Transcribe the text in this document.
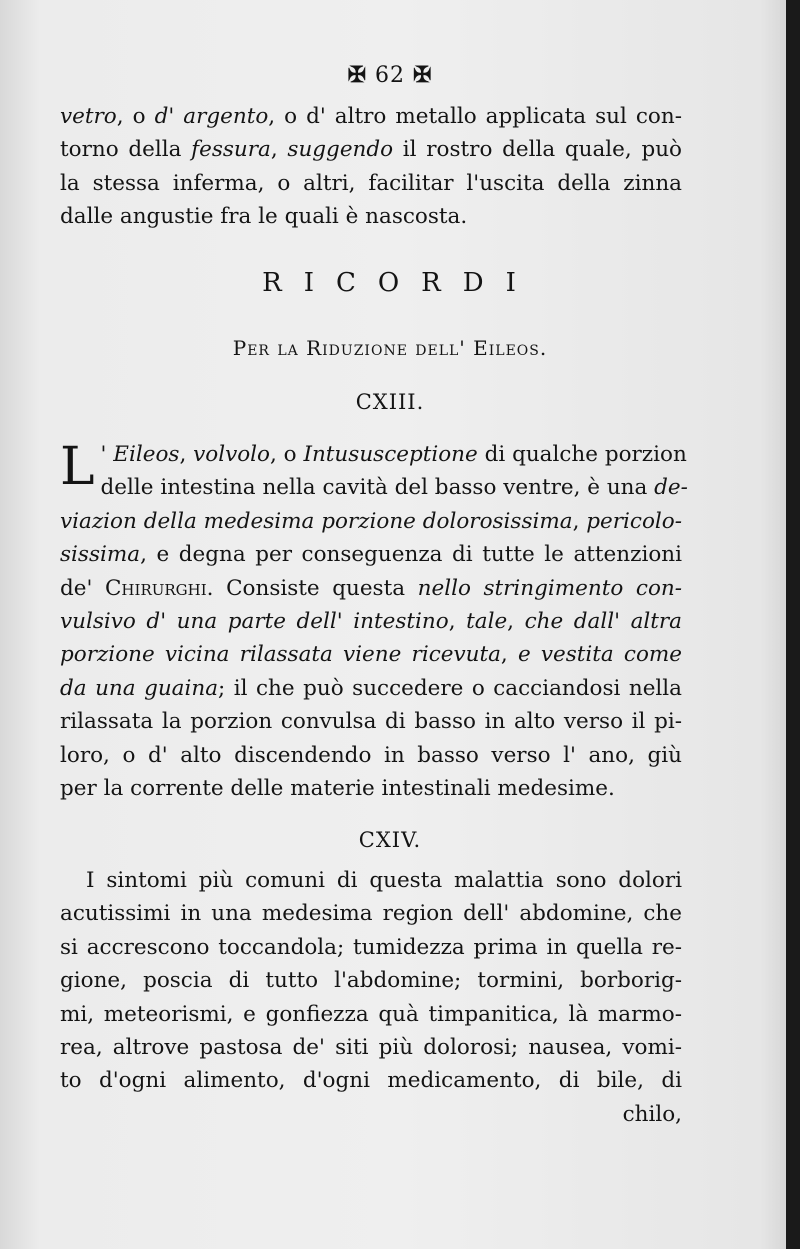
✠ 62 ✠
vetro, o d' argento, o d' altro metallo applicata sul con-
torno della fessura, suggendo il rostro della quale, può
la stessa inferma, o altri, facilitar l'uscita della zinna
dalle angustie fra le quali è nascosta.
RICORDI
Per la Riduzione dell' Eileos.
CXIII.
L ' Eileos, volvolo, o Intususceptione di qualche porzion
delle intestina nella cavità del basso ventre, è una de-
viazion della medesima porzione dolorosissima, pericolo-
sissima, e degna per conseguenza di tutte le attenzioni
de' Chirurghi. Consiste questa nello stringimento con-
vulsivo d' una parte dell' intestino, tale, che dall' altra
porzione vicina rilassata viene ricevuta, e vestita come
da una guaina; il che può succedere o cacciandosi nella
rilassata la porzion convulsa di basso in alto verso il pi-
loro, o d' alto discendendo in basso verso l' ano, giù
per la corrente delle materie intestinali medesime.
CXIV.
I sintomi più comuni di questa malattia sono dolori
acutissimi in una medesima region dell' abdomine, che
si accrescono toccandola; tumidezza prima in quella re-
gione, poscia di tutto l'abdomine; tormini, borborig-
mi, meteorismi, e gonfiezza quà timpanitica, là marmo-
rea, altrove pastosa de' siti più dolorosi; nausea, vomi-
to d'ogni alimento, d'ogni medicamento, di bile, di
chilo,
